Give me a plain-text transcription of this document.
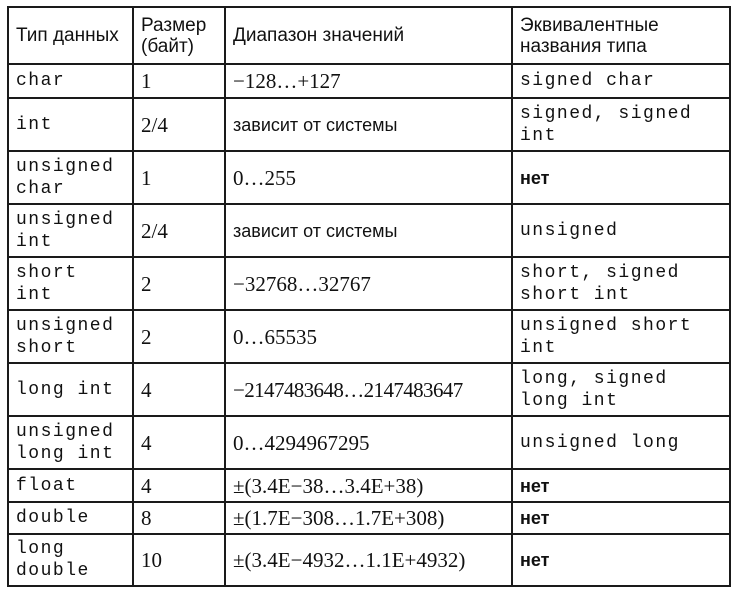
Тип данных	Размер (байт)	Диапазон значений	Эквивалентные названия типа
char	1	−128…+127	signed char
int	2/4	зависит от системы	signed, signed int
unsigned char	1	0…255	нет
unsigned int	2/4	зависит от системы	unsigned
short int	2	−32768…32767	short, signed short int
unsigned short	2	0…65535	unsigned short int
long int	4	−2147483648…2147483647	long, signed long int
unsigned long int	4	0…4294967295	unsigned long
float	4	±(3.4E−38…3.4E+38)	нет
double	8	±(1.7E−308…1.7E+308)	нет
long double	10	±(3.4E−4932…1.1E+4932)	нет
